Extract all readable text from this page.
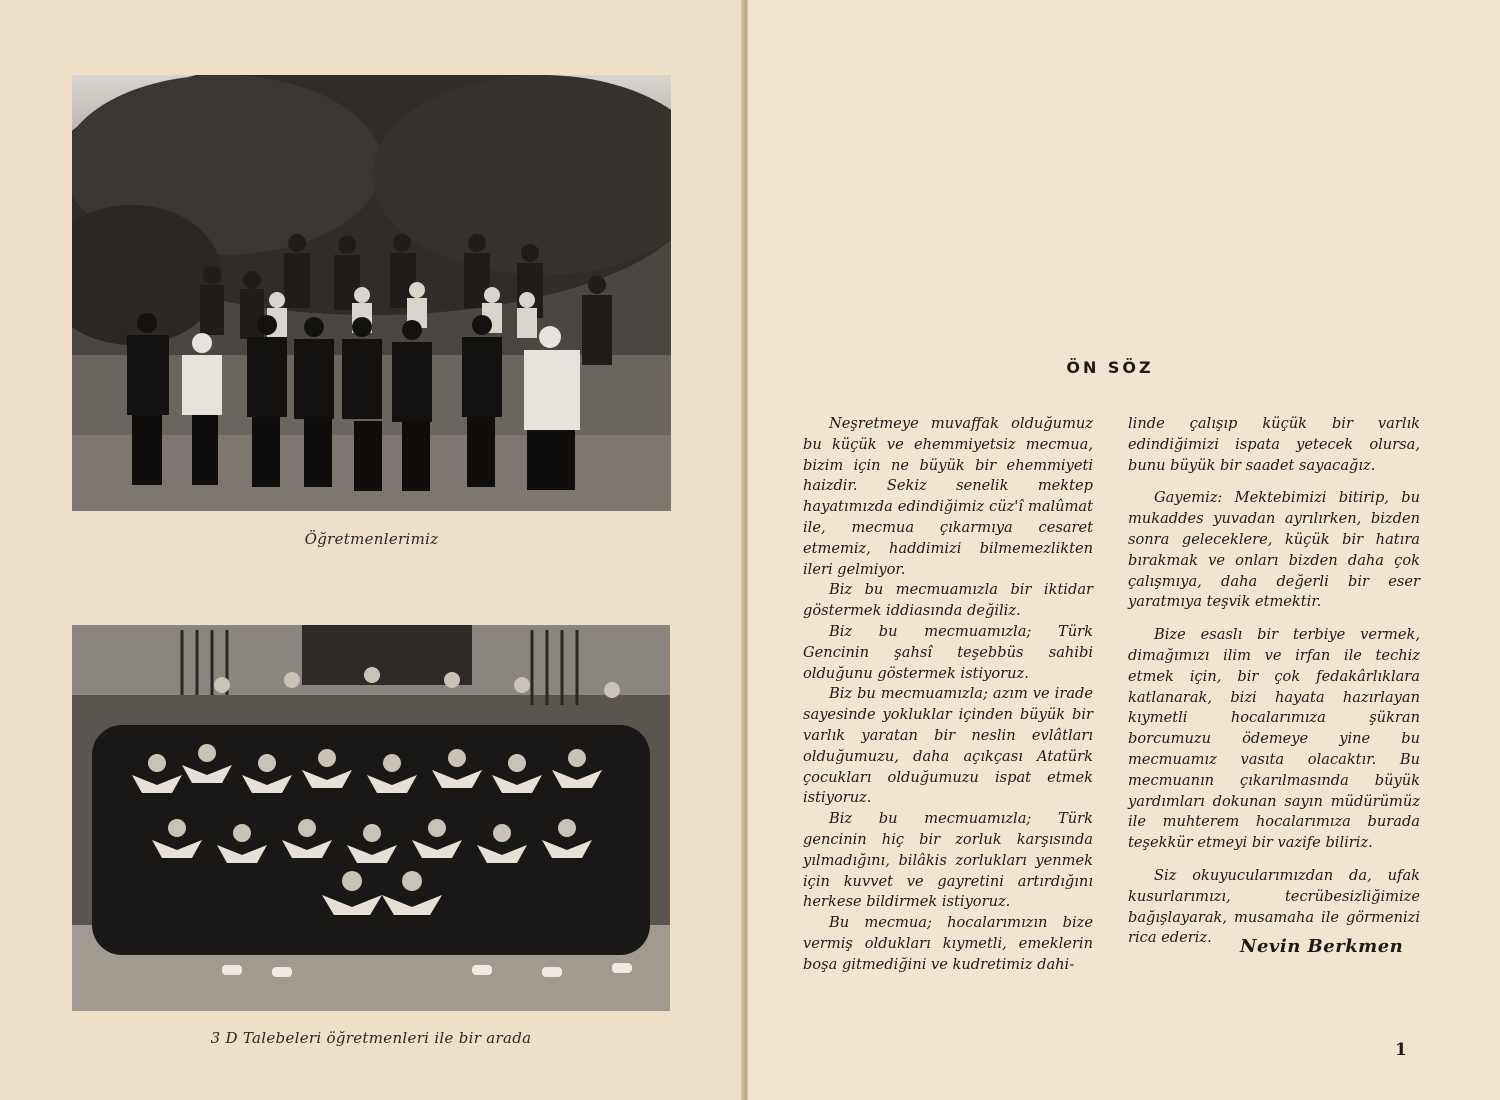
Öğretmenlerimiz
3 D Talebeleri öğretmenleri ile bir arada
ÖN SÖZ

Neşretmeye muvaffak olduğumuz bu küçük ve ehemmiyetsiz mecmua, bizim için ne büyük bir ehemmiyeti haizdir. Sekiz senelik mektep hayatımızda edindiğimiz cüz'î malûmat ile, mecmua çıkarmıya cesaret etmemiz, haddimizi bilmemezlikten ileri gelmiyor.

Biz bu mecmuamızla bir iktidar göstermek iddiasında değiliz.

Biz bu mecmuamızla; Türk Gencinin şahsî teşebbüs sahibi olduğunu göstermek istiyoruz.

Biz bu mecmuamızla; azım ve irade sayesinde yokluklar içinden büyük bir varlık yaratan bir neslin evlâtları olduğumuzu, daha açıkçası Atatürk çocukları olduğumuzu ispat etmek istiyoruz.

Biz bu mecmuamızla; Türk gencinin hiç bir zorluk karşısında yılmadığını, bilâkis zorlukları yenmek için kuvvet ve gayretini artırdığını herkese bildirmek istiyoruz.

Bu mecmua; hocalarımızın bize vermiş oldukları kıymetli, emeklerin boşa gitmediğini ve kudretimiz dahi-

linde çalışıp küçük bir varlık edindiğimizi ispata yetecek olursa, bunu büyük bir saadet sayacağız.

Gayemiz: Mektebimizi bitirip, bu mukaddes yuvadan ayrılırken, bizden sonra geleceklere, küçük bir hatıra bırakmak ve onları bizden daha çok çalışmıya, daha değerli bir eser yaratmıya teşvik etmektir.

Bize esaslı bir terbiye vermek, dimağımızı ilim ve irfan ile techiz etmek için, bir çok fedakârlıklara katlanarak, bizi hayata hazırlayan kıymetli hocalarımıza şükran borcumuzu ödemeye yine bu mecmuamız vasıta olacaktır. Bu mecmuanın çıkarılmasında büyük yardımları dokunan sayın müdürümüz ile muhterem hocalarımıza burada teşekkür etmeyi bir vazife biliriz.

Siz okuyucularımızdan da, ufak kusurlarımızı, tecrübesizliğimize bağışlayarak, musamaha ile görmenizi rica ederiz.	Nevin Berkmen
1
